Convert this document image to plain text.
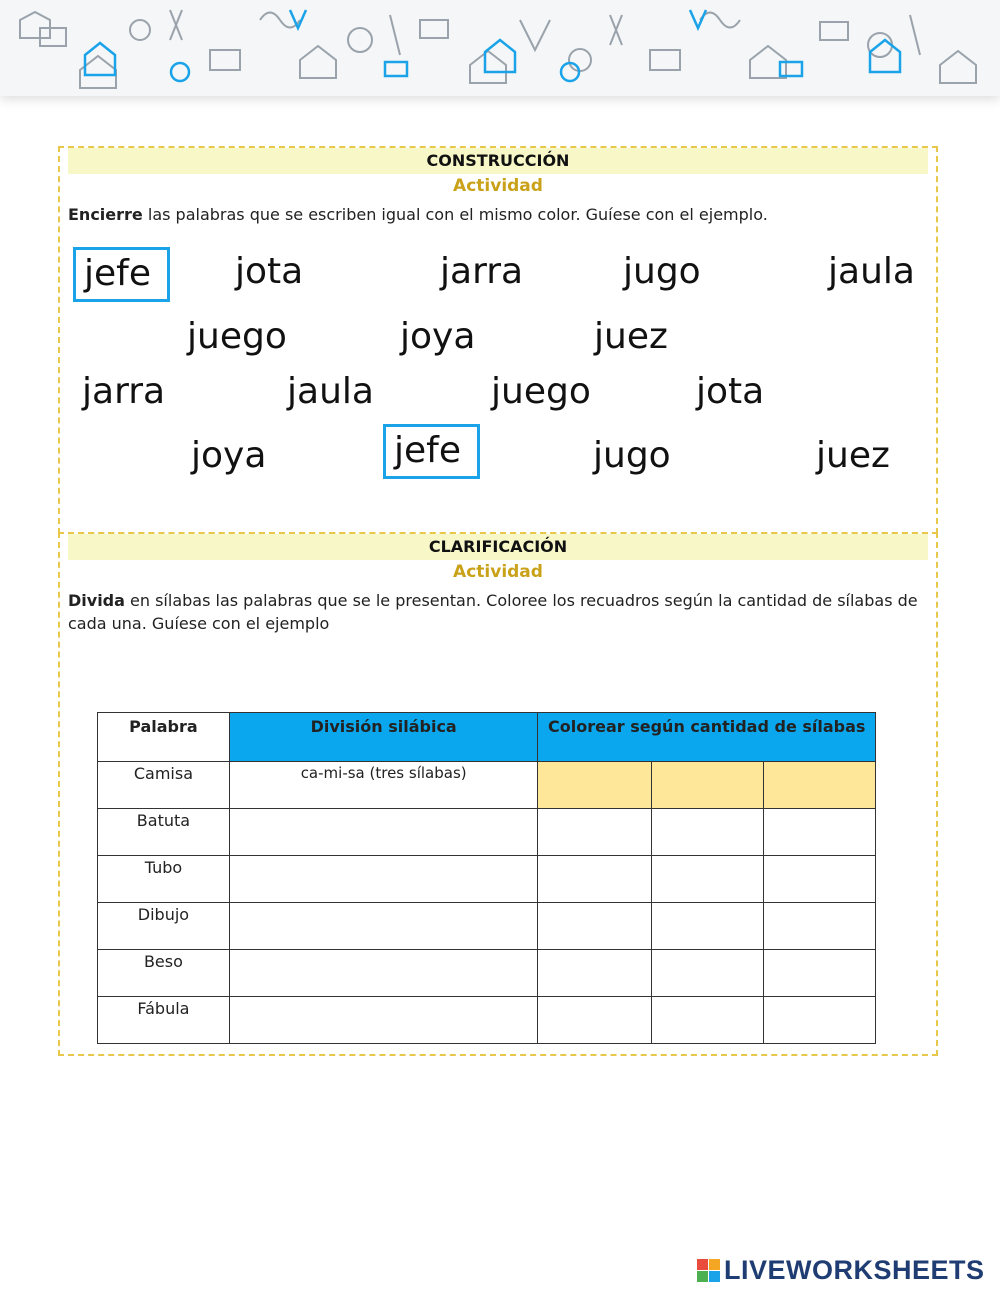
CONSTRUCCIÓN
Actividad
Encierre las palabras que se escriben igual con el mismo color. Guíese con el ejemplo.
jefe	jota	jarra	jugo	jaula
juego	joya	juez
jarra	jaula	juego	jota
joya	jefe	jugo	juez
CLARIFICACIÓN
Actividad
Divida en sílabas las palabras que se le presentan. Coloree los recuadros según la cantidad de sílabas de cada una. Guíese con el ejemplo
Palabra	División silábica	Colorear según cantidad de sílabas		
Camisa	ca-mi-sa (tres sílabas)			
Batuta				
Tubo				
Dibujo				
Beso				
Fábula				
LIVEWORKSHEETS
